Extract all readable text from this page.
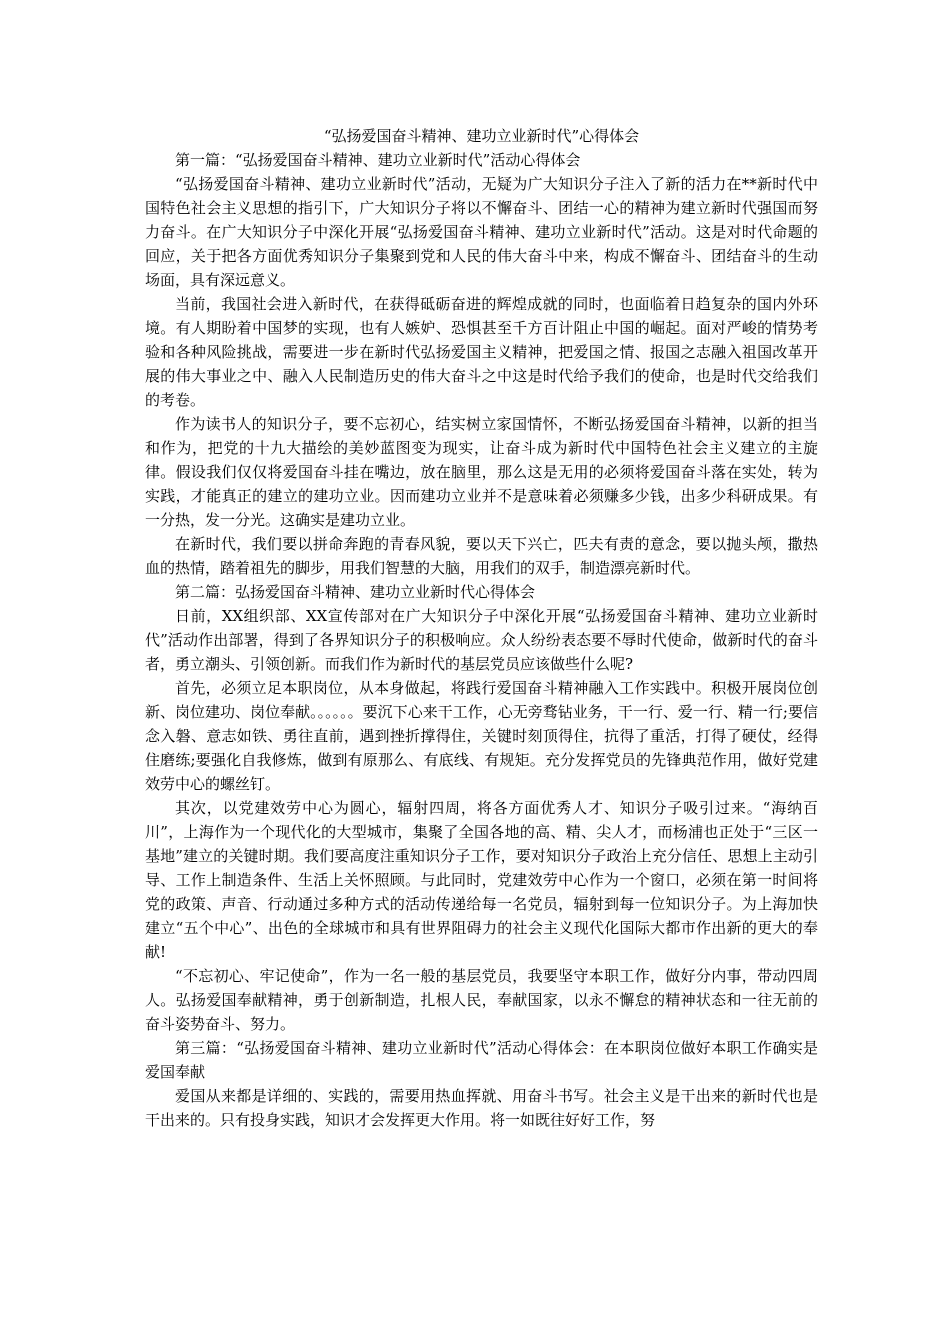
“弘扬爱国奋斗精神、建功立业新时代”心得体会

第一篇：“弘扬爱国奋斗精神、建功立业新时代”活动心得体会

“弘扬爱国奋斗精神、建功立业新时代”活动，无疑为广大知识分子注入了新的活力在**新时代中国特色社会主义思想的指引下，广大知识分子将以不懈奋斗、团结一心的精神为建立新时代强国而努力奋斗。在广大知识分子中深化开展“弘扬爱国奋斗精神、建功立业新时代”活动。这是对时代命题的回应，关于把各方面优秀知识分子集聚到党和人民的伟大奋斗中来，构成不懈奋斗、团结奋斗的生动场面，具有深远意义。

当前，我国社会进入新时代，在获得砥砺奋进的辉煌成就的同时，也面临着日趋复杂的国内外环境。有人期盼着中国梦的实现，也有人嫉妒、恐惧甚至千方百计阻止中国的崛起。面对严峻的情势考验和各种风险挑战，需要进一步在新时代弘扬爱国主义精神，把爱国之情、报国之志融入祖国改革开展的伟大事业之中、融入人民制造历史的伟大奋斗之中这是时代给予我们的使命，也是时代交给我们的考卷。

作为读书人的知识分子，要不忘初心，结实树立家国情怀，不断弘扬爱国奋斗精神，以新的担当和作为，把党的十九大描绘的美妙蓝图变为现实，让奋斗成为新时代中国特色社会主义建立的主旋律。假设我们仅仅将爱国奋斗挂在嘴边，放在脑里，那么这是无用的必须将爱国奋斗落在实处，转为实践，才能真正的建立的建功立业。因而建功立业并不是意味着必须赚多少钱，出多少科研成果。有一分热，发一分光。这确实是建功立业。

在新时代，我们要以拼命奔跑的青春风貌，要以天下兴亡，匹夫有责的意念，要以抛头颅，撒热血的热情，踏着祖先的脚步，用我们智慧的大脑，用我们的双手，制造漂亮新时代。

第二篇：弘扬爱国奋斗精神、建功立业新时代心得体会

日前，XX组织部、XX宣传部对在广大知识分子中深化开展“弘扬爱国奋斗精神、建功立业新时代”活动作出部署，得到了各界知识分子的积极响应。众人纷纷表态要不辱时代使命，做新时代的奋斗者，勇立潮头、引领创新。而我们作为新时代的基层党员应该做些什么呢?

首先，必须立足本职岗位，从本身做起，将践行爱国奋斗精神融入工作实践中。积极开展岗位创新、岗位建功、岗位奉献。。。。。。要沉下心来干工作，心无旁骛钻业务，干一行、爱一行、精一行;要信念入磐、意志如铁、勇往直前，遇到挫折撑得住，关键时刻顶得住，抗得了重活，打得了硬仗，经得住磨练;要强化自我修炼，做到有原那么、有底线、有规矩。充分发挥党员的先锋典范作用，做好党建效劳中心的螺丝钉。

其次，以党建效劳中心为圆心，辐射四周，将各方面优秀人才、知识分子吸引过来。“海纳百川”，上海作为一个现代化的大型城市，集聚了全国各地的高、精、尖人才，而杨浦也正处于“三区一基地”建立的关键时期。我们要高度注重知识分子工作，要对知识分子政治上充分信任、思想上主动引导、工作上制造条件、生活上关怀照顾。与此同时，党建效劳中心作为一个窗口，必须在第一时间将党的政策、声音、行动通过多种方式的活动传递给每一名党员，辐射到每一位知识分子。为上海加快建立“五个中心”、出色的全球城市和具有世界阻碍力的社会主义现代化国际大都市作出新的更大的奉献!

“不忘初心、牢记使命”，作为一名一般的基层党员，我要坚守本职工作，做好分内事，带动四周人。弘扬爱国奉献精神，勇于创新制造，扎根人民，奉献国家，以永不懈怠的精神状态和一往无前的奋斗姿势奋斗、努力。

第三篇：“弘扬爱国奋斗精神、建功立业新时代”活动心得体会：在本职岗位做好本职工作确实是爱国奉献

爱国从来都是详细的、实践的，需要用热血挥就、用奋斗书写。社会主义是干出来的新时代也是干出来的。只有投身实践，知识才会发挥更大作用。将一如既往好好工作，努
